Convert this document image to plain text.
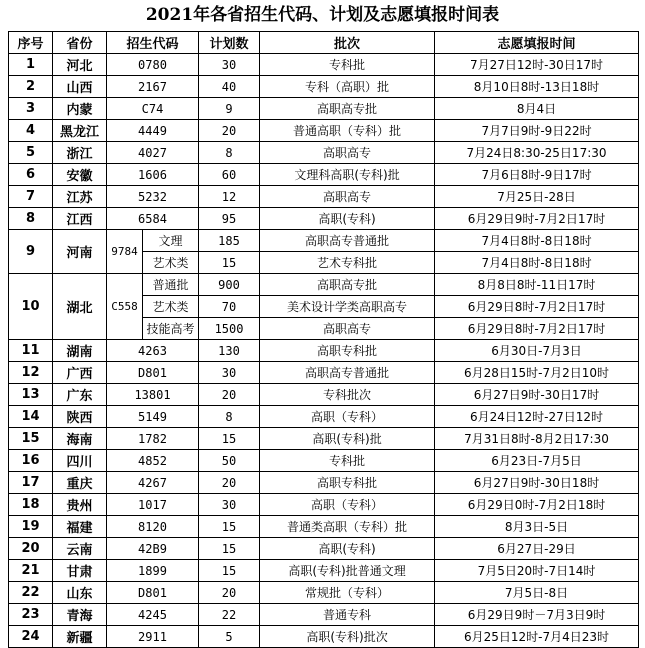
2021年各省招生代码、计划及志愿填报时间表
序号	省份	招生代码		计划数	批次	志愿填报时间
1	河北	0780		30	专科批	7月27日12时-30日17时
2	山西	2167		40	专科（高职）批	8月10日8时-13日18时
3	内蒙	C74		9	高职高专批	8月4日
4	黑龙江	4449		20	普通高职（专科）批	7月7日9时-9日22时
5	浙江	4027		8	高职高专	7月24日8:30-25日17:30
6	安徽	1606		60	文理科高职(专科)批	7月6日8时-9日17时
7	江苏	5232		12	高职高专	7月25日-28日
8	江西	6584		95	高职(专科)	6月29日9时-7月2日17时
9	河南	9784	文理	185	高职高专普通批	7月4日8时-8日18时
			艺术类	15	艺术专科批	7月4日8时-8日18时
10	湖北	C558	普通批	900	高职高专批	8月8日8时-11日17时
			艺术类	70	美术设计学类高职高专	6月29日8时-7月2日17时
			技能高考	1500	高职高专	6月29日8时-7月2日17时
11	湖南	4263		130	高职专科批	6月30日-7月3日
12	广西	D801		30	高职高专普通批	6月28日15时-7月2日10时
13	广东	13801		20	专科批次	6月27日9时-30日17时
14	陕西	5149		8	高职（专科）	6月24日12时-27日12时
15	海南	1782		15	高职(专科)批	7月31日8时-8月2日17:30
16	四川	4852		50	专科批	6月23日-7月5日
17	重庆	4267		20	高职专科批	6月27日9时-30日18时
18	贵州	1017		30	高职（专科）	6月29日0时-7月2日18时
19	福建	8120		15	普通类高职（专科）批	8月3日-5日
20	云南	42B9		15	高职(专科)	6月27日-29日
21	甘肃	1899		15	高职(专科)批普通文理	7月5日20时-7日14时
22	山东	D801		20	常规批（专科）	7月5日-8日
23	青海	4245		22	普通专科	6月29日9时－7月3日9时
24	新疆	2911		5	高职(专科)批次	6月25日12时-7月4日23时
